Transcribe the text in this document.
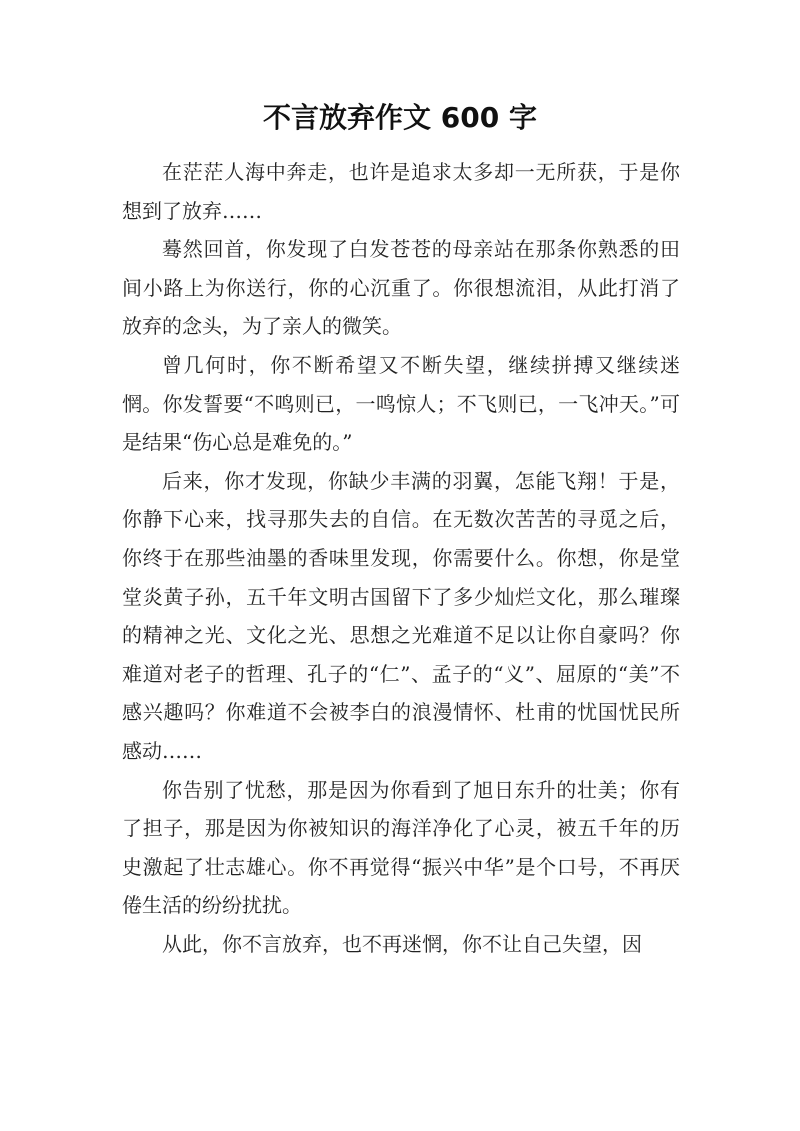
不言放弃作文 600 字

在茫茫人海中奔走，也许是追求太多却一无所获，于是你想到了放弃……

蓦然回首，你发现了白发苍苍的母亲站在那条你熟悉的田间小路上为你送行，你的心沉重了。你很想流泪，从此打消了放弃的念头，为了亲人的微笑。

曾几何时，你不断希望又不断失望，继续拼搏又继续迷惘。你发誓要“不鸣则已，一鸣惊人；不飞则已，一飞冲天。”可是结果“伤心总是难免的。”

后来，你才发现，你缺少丰满的羽翼，怎能飞翔！于是，你静下心来，找寻那失去的自信。在无数次苦苦的寻觅之后，你终于在那些油墨的香味里发现，你需要什么。你想，你是堂堂炎黄子孙，五千年文明古国留下了多少灿烂文化，那么璀璨的精神之光、文化之光、思想之光难道不足以让你自豪吗？你难道对老子的哲理、孔子的“仁”、孟子的“义”、屈原的“美”不感兴趣吗？你难道不会被李白的浪漫情怀、杜甫的忧国忧民所感动……

你告别了忧愁，那是因为你看到了旭日东升的壮美；你有了担子，那是因为你被知识的海洋净化了心灵，被五千年的历史激起了壮志雄心。你不再觉得“振兴中华”是个口号，不再厌倦生活的纷纷扰扰。

从此，你不言放弃，也不再迷惘，你不让自己失望，因
